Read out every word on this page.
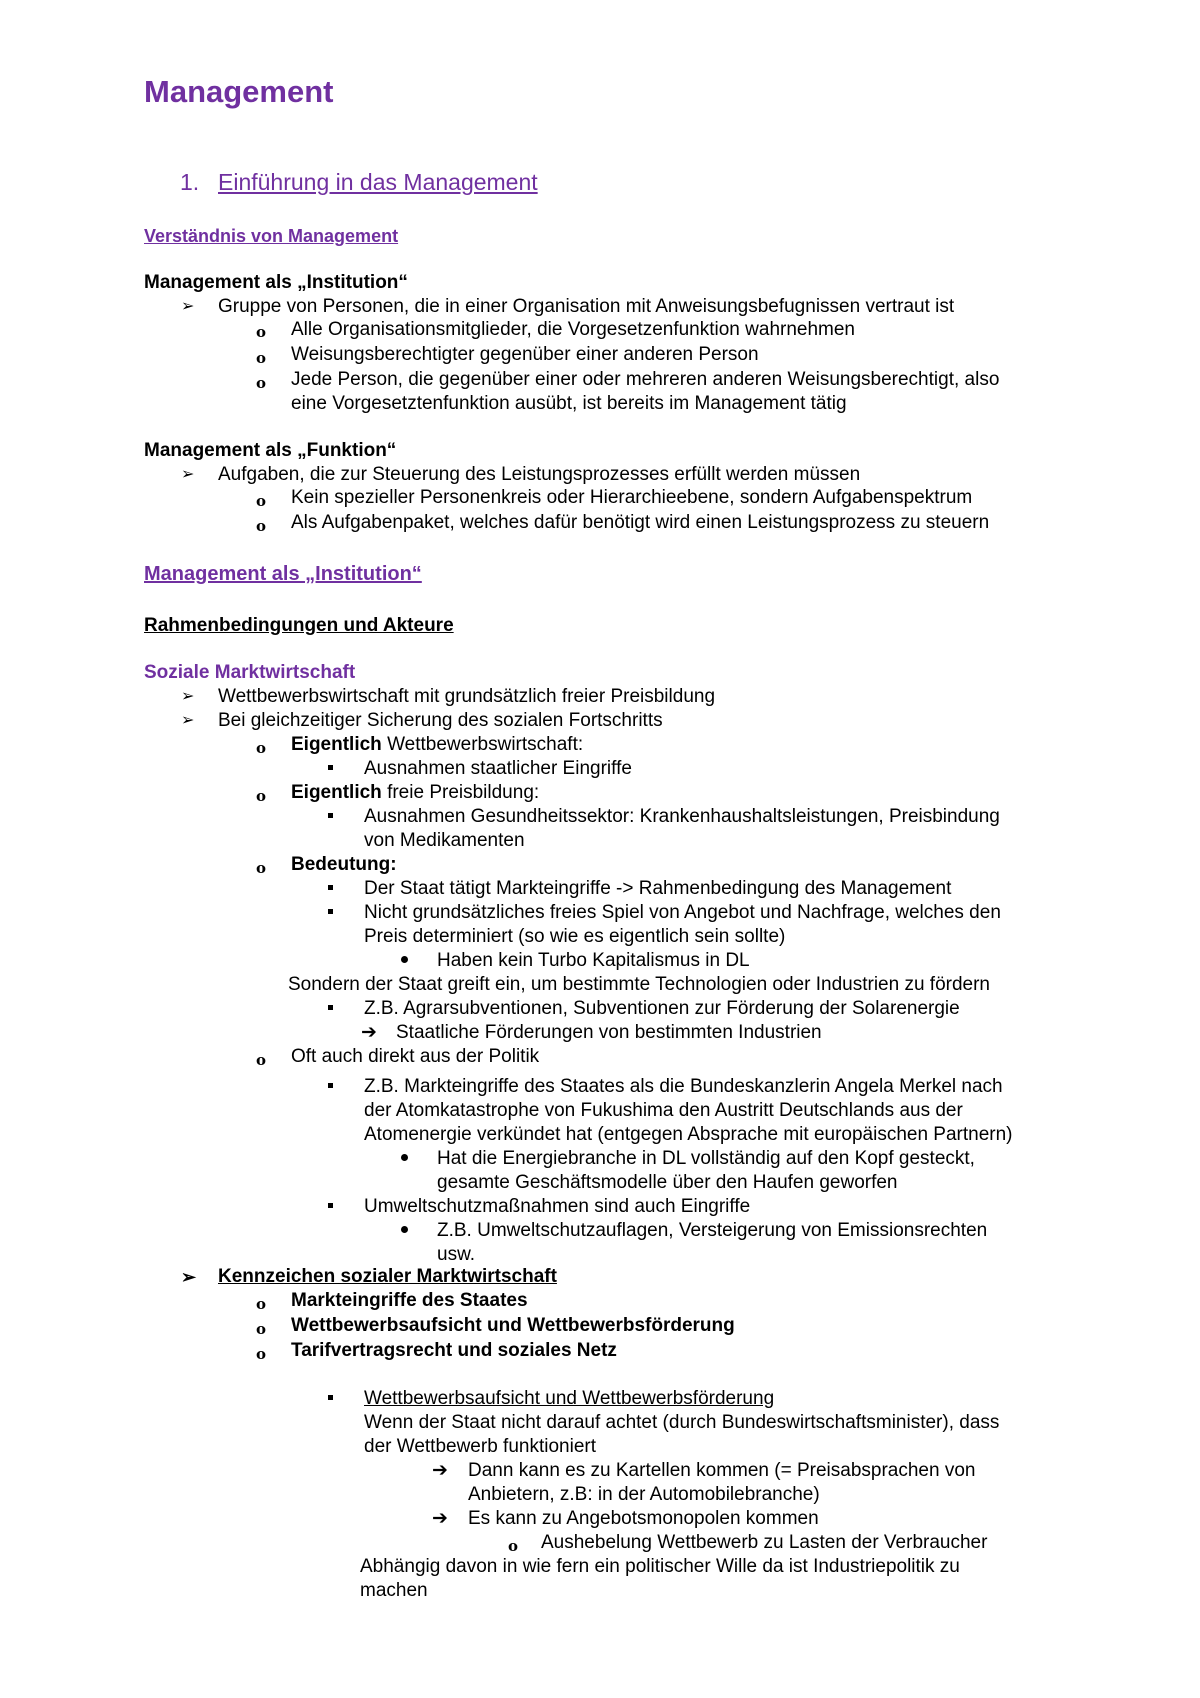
Management
1. Einführung in das Management
Verständnis von Management
Management als „Institution“
➢ Gruppe von Personen, die in einer Organisation mit Anweisungsbefugnissen vertraut ist
o Alle Organisationsmitglieder, die Vorgesetzenfunktion wahrnehmen
o Weisungsberechtigter gegenüber einer anderen Person
o Jede Person, die gegenüber einer oder mehreren anderen Weisungsberechtigt, also
eine Vorgesetztenfunktion ausübt, ist bereits im Management tätig
Management als „Funktion“
➢ Aufgaben, die zur Steuerung des Leistungsprozesses erfüllt werden müssen
o Kein spezieller Personenkreis oder Hierarchieebene, sondern Aufgabenspektrum
o Als Aufgabenpaket, welches dafür benötigt wird einen Leistungsprozess zu steuern
Management als „Institution“
Rahmenbedingungen und Akteure
Soziale Marktwirtschaft
➢ Wettbewerbswirtschaft mit grundsätzlich freier Preisbildung
➢ Bei gleichzeitiger Sicherung des sozialen Fortschritts
o Eigentlich Wettbewerbswirtschaft:
Ausnahmen staatlicher Eingriffe
o Eigentlich freie Preisbildung:
Ausnahmen Gesundheitssektor: Krankenhaushaltsleistungen, Preisbindung
von Medikamenten
o Bedeutung:
Der Staat tätigt Markteingriffe -> Rahmenbedingung des Management
Nicht grundsätzliches freies Spiel von Angebot und Nachfrage, welches den
Preis determiniert (so wie es eigentlich sein sollte)
Haben kein Turbo Kapitalismus in DL
Sondern der Staat greift ein, um bestimmte Technologien oder Industrien zu fördern
Z.B. Agrarsubventionen, Subventionen zur Förderung der Solarenergie
➔ Staatliche Förderungen von bestimmten Industrien
o Oft auch direkt aus der Politik
Z.B. Markteingriffe des Staates als die Bundeskanzlerin Angela Merkel nach
der Atomkatastrophe von Fukushima den Austritt Deutschlands aus der
Atomenergie verkündet hat (entgegen Absprache mit europäischen Partnern)
Hat die Energiebranche in DL vollständig auf den Kopf gesteckt,
gesamte Geschäftsmodelle über den Haufen geworfen
Umweltschutzmaßnahmen sind auch Eingriffe
Z.B. Umweltschutzauflagen, Versteigerung von Emissionsrechten
usw.
➢ Kennzeichen sozialer Marktwirtschaft
o Markteingriffe des Staates
o Wettbewerbsaufsicht und Wettbewerbsförderung
o Tarifvertragsrecht und soziales Netz
Wettbewerbsaufsicht und Wettbewerbsförderung
Wenn der Staat nicht darauf achtet (durch Bundeswirtschaftsminister), dass
der Wettbewerb funktioniert
➔ Dann kann es zu Kartellen kommen (= Preisabsprachen von
Anbietern, z.B: in der Automobilebranche)
➔ Es kann zu Angebotsmonopolen kommen
o Aushebelung Wettbewerb zu Lasten der Verbraucher
Abhängig davon in wie fern ein politischer Wille da ist Industriepolitik zu
machen
